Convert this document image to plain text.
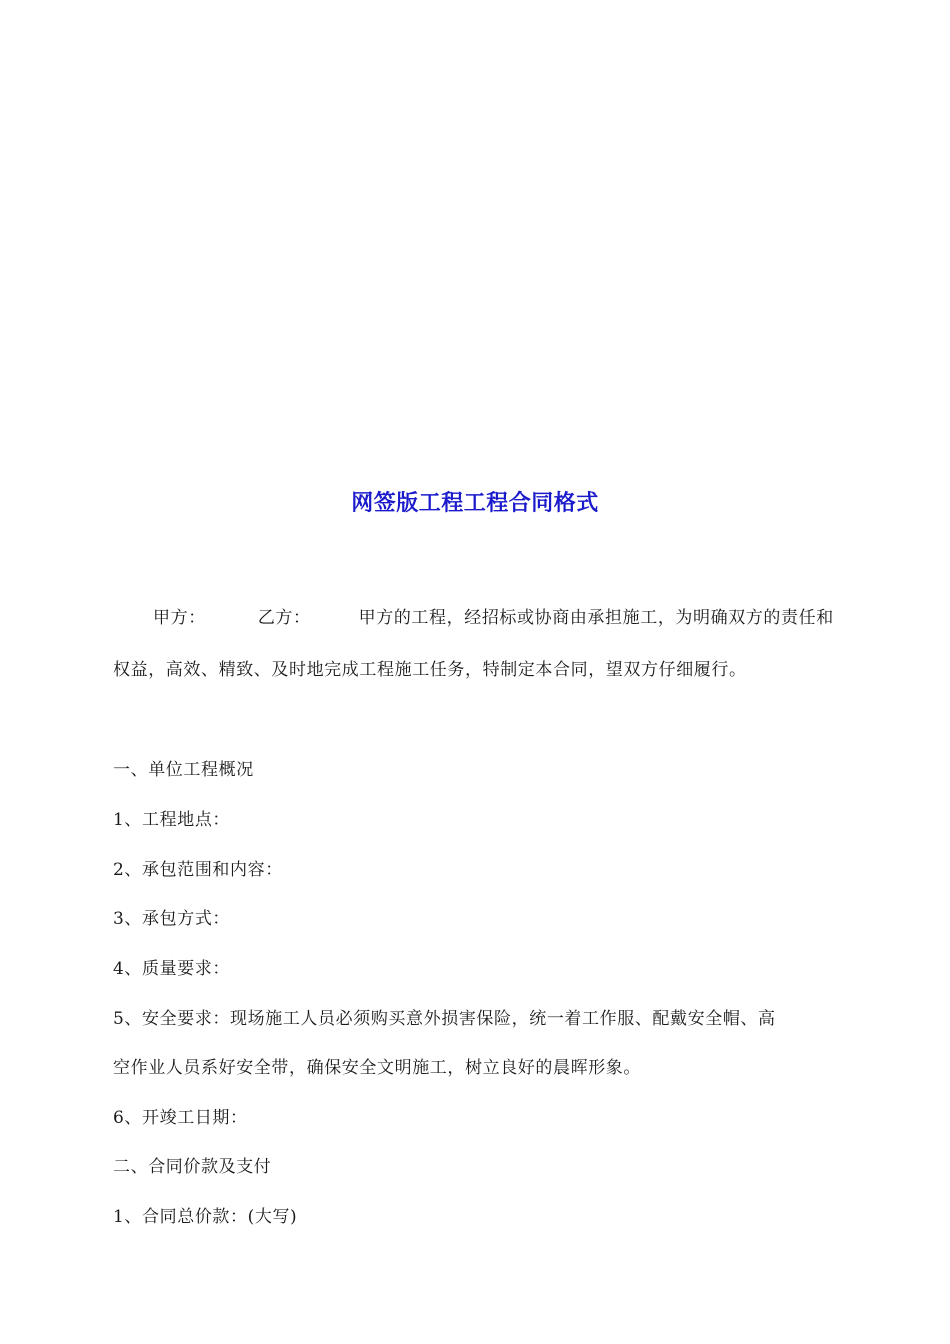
网签版工程工程合同格式
甲方：	乙方：	甲方的工程，经招标或协商由承担施工，为明确双方的责任和权益，高效、精致、及时地完成工程施工任务，特制定本合同，望双方仔细履行。
一、单位工程概况
1、工程地点：
2、承包范围和内容：
3、承包方式：
4、质量要求：
5、安全要求：现场施工人员必须购买意外损害保险，统一着工作服、配戴安全帽、高
空作业人员系好安全带，确保安全文明施工，树立良好的晨晖形象。
6、开竣工日期：
二、合同价款及支付
1、合同总价款：(大写)
